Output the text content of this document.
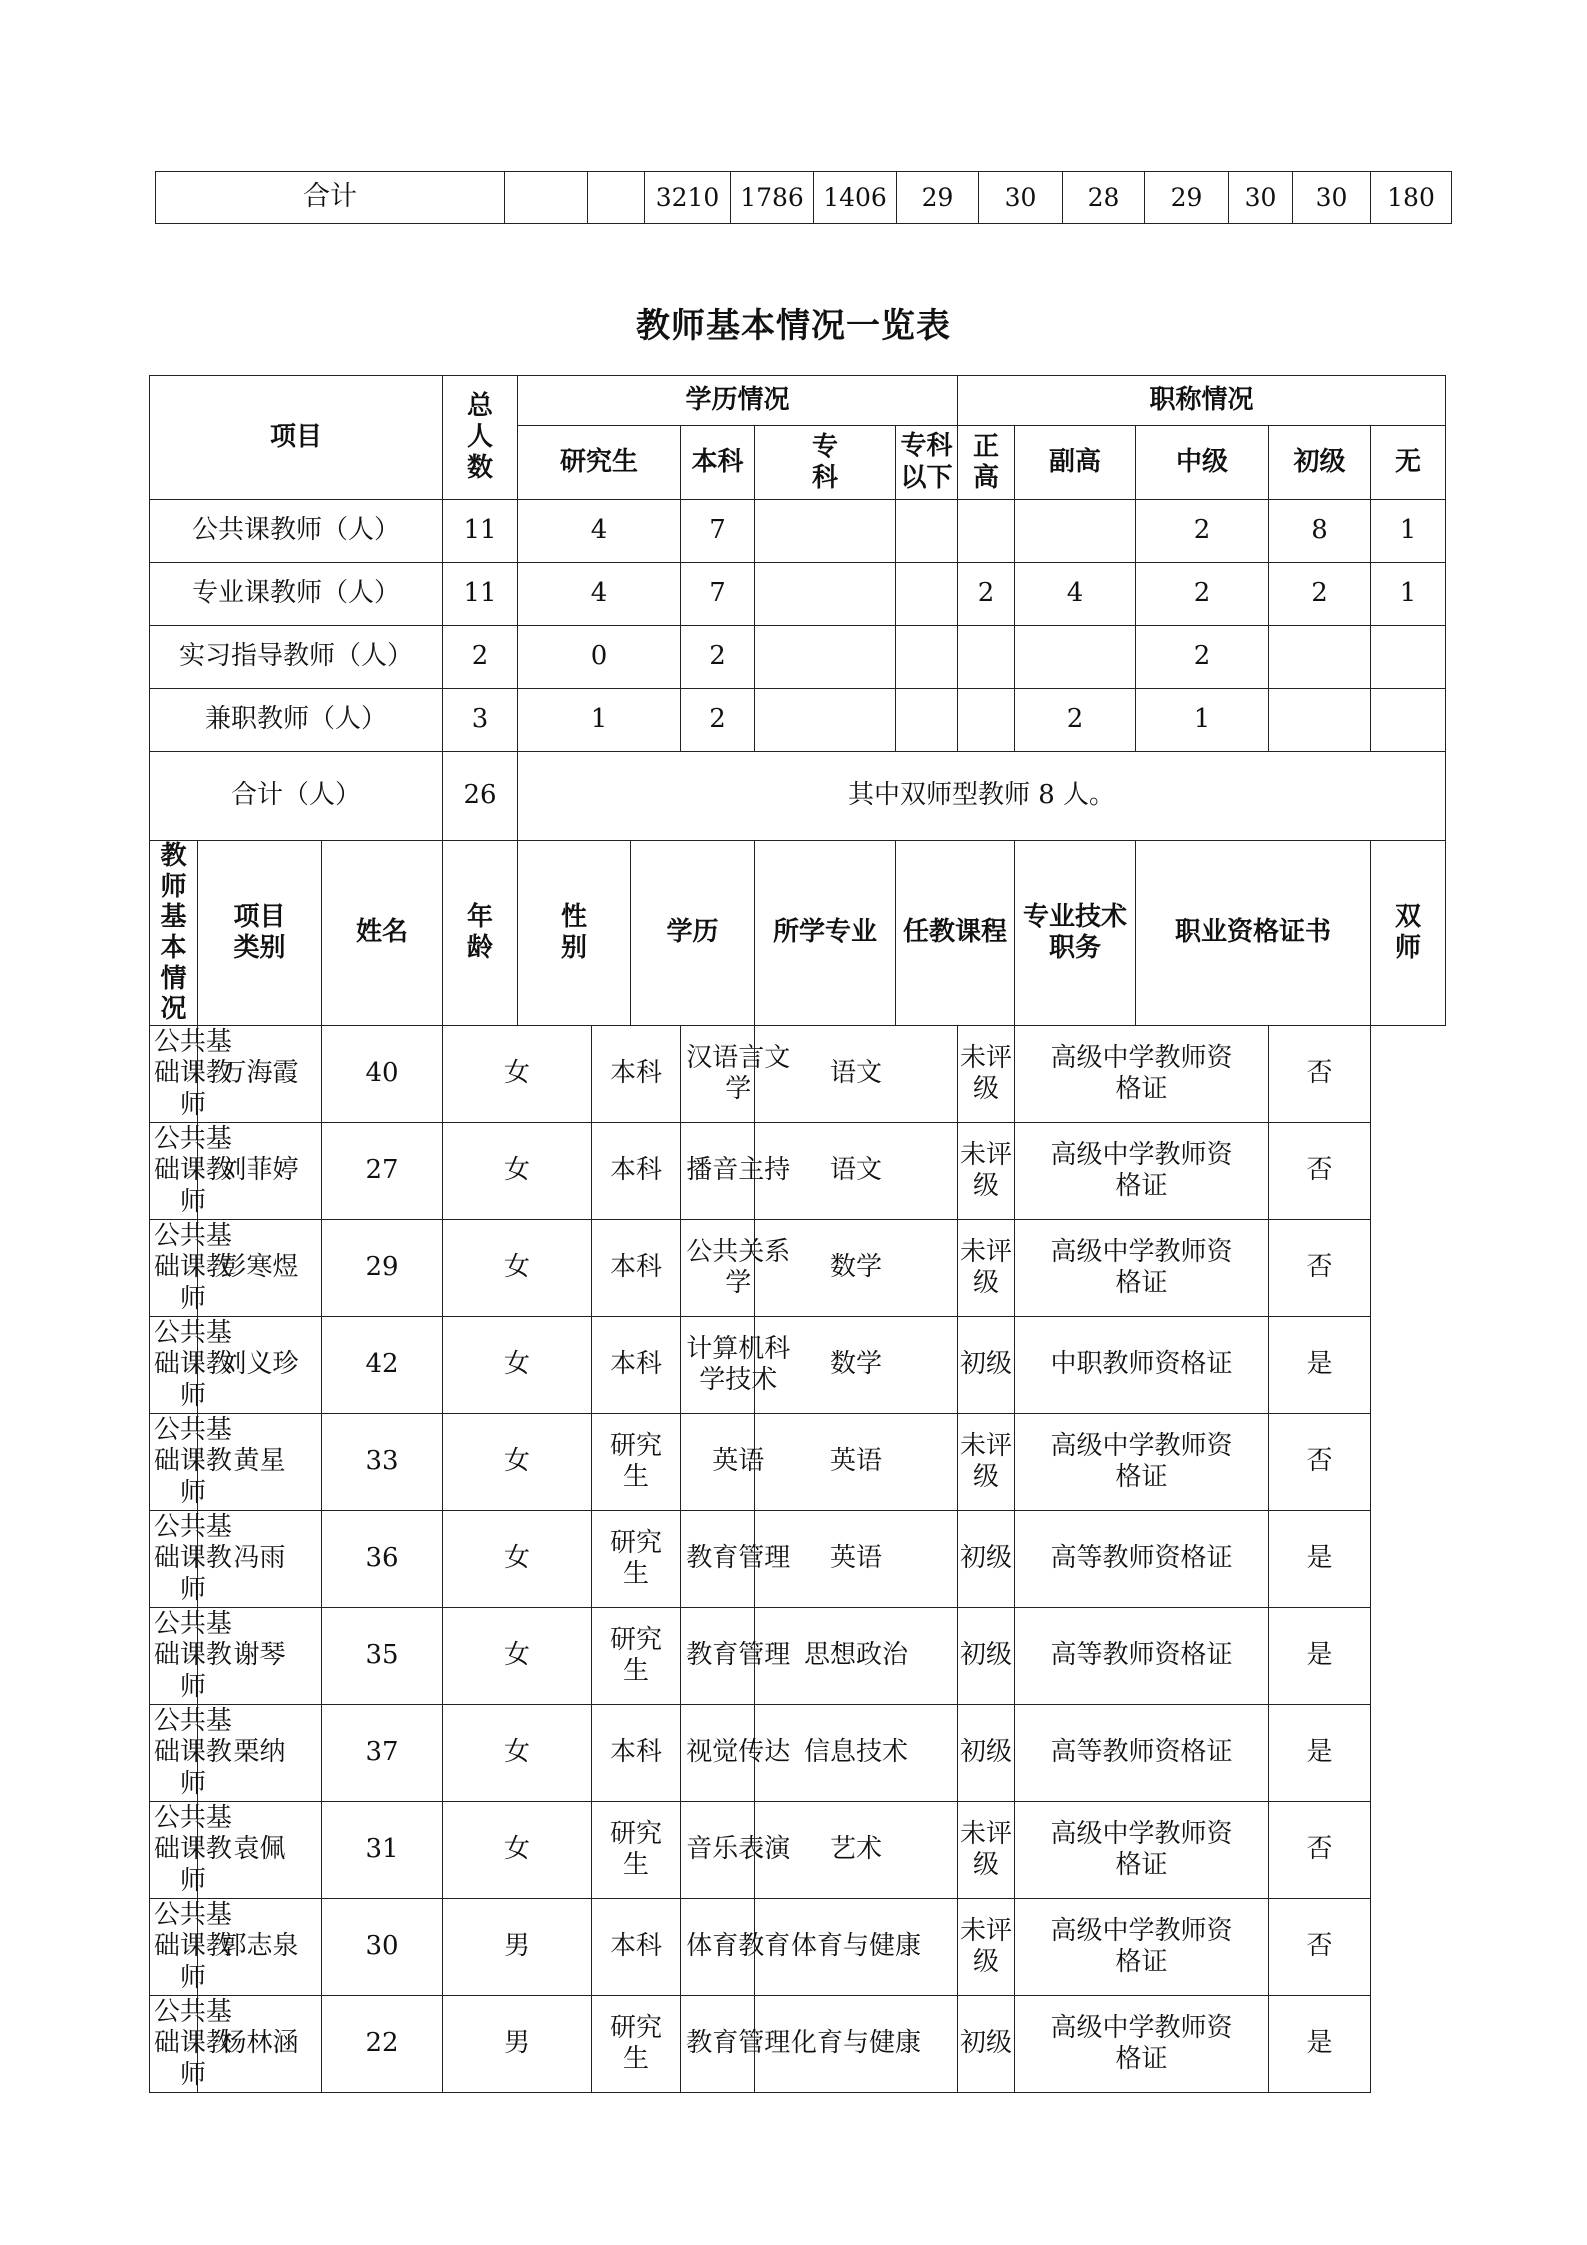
合计			3210	1786	1406	29	30	28	29	30	30	180
教师基本情况一览表
项目			总人数	学历情况						职称情况				
				研究生			本科	专科	专科以下	正高	副高	中级	初级	无
公共课教师（人）			11	4			7					2	8	1
专业课教师（人）			11	4			7			2	4	2	2	1
实习指导教师（人）			2	0			2					2		
兼职教师（人）			3	1			2				2	1		
合计（人）			26	其中双师型教师 8 人。										

教师基本情况	项目类别	姓名	年龄	性别		学历		所学专业	任教课程		专业技术职务	职业资格证书		双师

公共基础课教师	万海霞	40	女		本科		汉语言文学	语文		未评级	高级中学教师资格证		否	

公共基础课教师	刘菲婷	27	女		本科		播音主持	语文		未评级	高级中学教师资格证		否	

公共基础课教师	彭寒煜	29	女		本科		公共关系学	数学		未评级	高级中学教师资格证		否	

公共基础课教师	刘义珍	42	女		本科		计算机科学技术	数学		初级	中职教师资格证		是	

公共基础课教师	黄星	33	女		研究生		英语	英语		未评级	高级中学教师资格证		否	

公共基础课教师	冯雨	36	女		研究生		教育管理	英语		初级	高等教师资格证		是	

公共基础课教师	谢琴	35	女		研究生		教育管理	思想政治		初级	高等教师资格证		是	

公共基础课教师	栗纳	37	女		本科		视觉传达	信息技术		初级	高等教师资格证		是	

公共基础课教师	袁佩	31	女		研究生		音乐表演	艺术		未评级	高级中学教师资格证		否	

公共基础课教师	郭志泉	30	男		本科		体育教育	体育与健康		未评级	高级中学教师资格证		否	

公共基础课教师	杨林涵	22	男		研究生		教育管理	化育与健康		初级	高级中学教师资格证		是	
